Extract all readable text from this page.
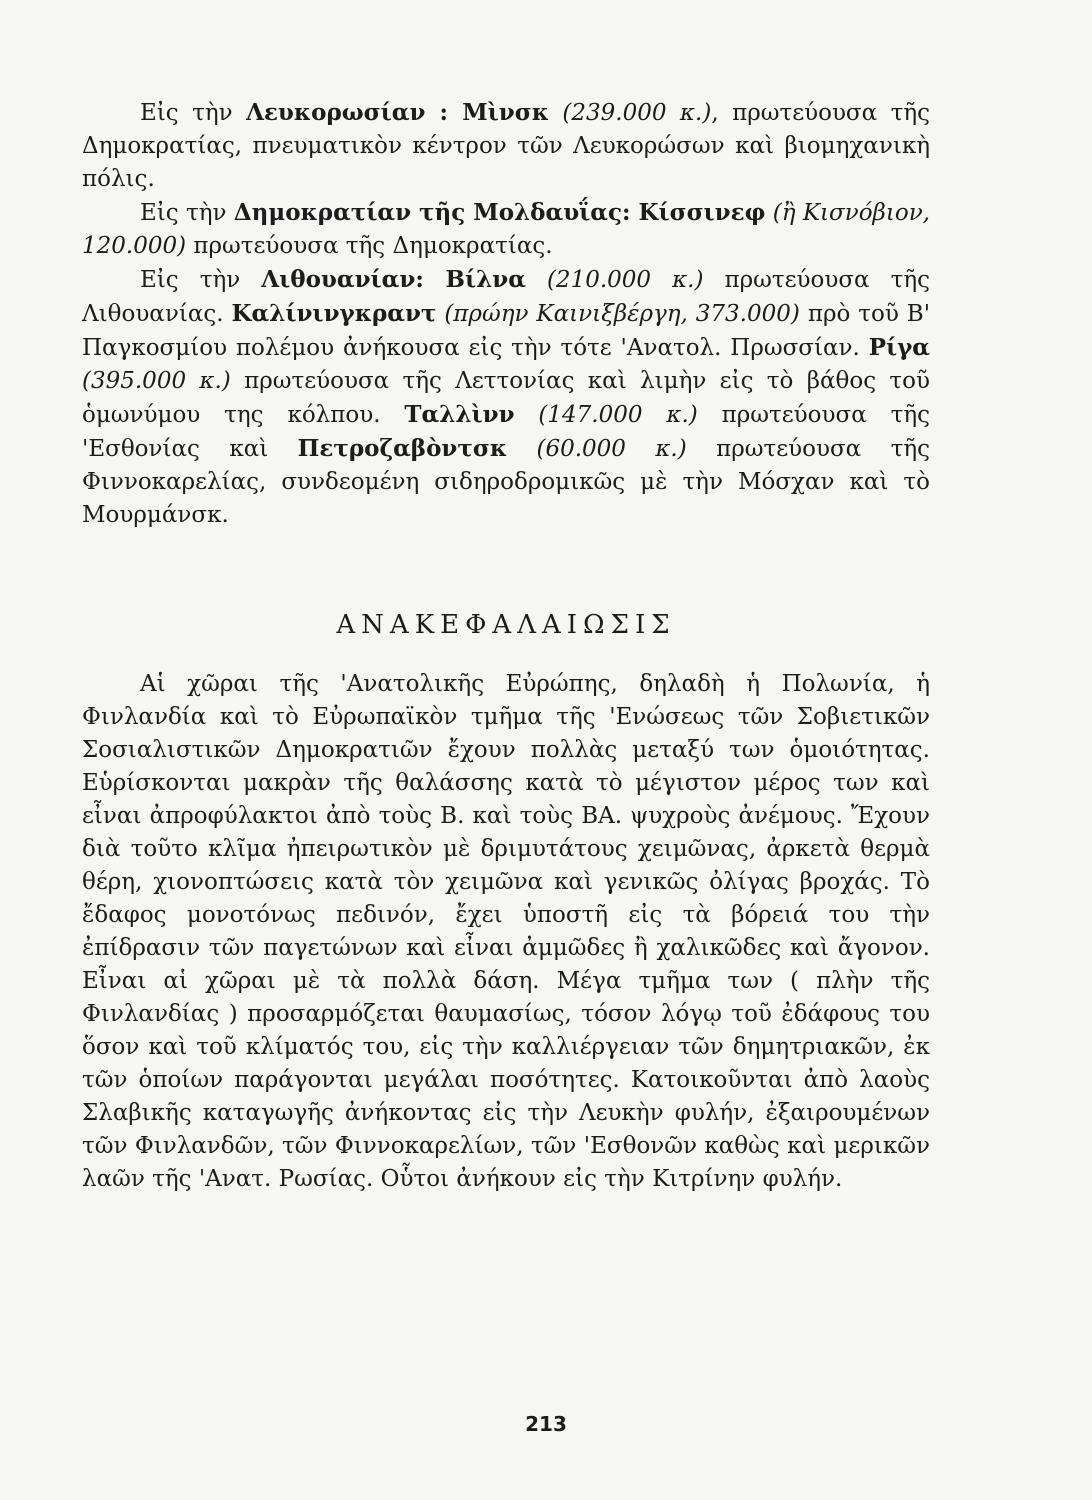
Εἰς τὴν Λευκορωσίαν : Μὶνσκ (239.000 κ.), πρωτεύουσα τῆς Δημοκρατίας, πνευματικὸν κέντρον τῶν Λευκορώσων καὶ βιομηχανικὴ πόλις.

Εἰς τὴν Δημοκρατίαν τῆς Μολδαυΐας: Κίσσινεφ (ἢ Κισνόβιον, 120.000) πρωτεύουσα τῆς Δημοκρατίας.

Εἰς τὴν Λιθουανίαν: Βίλνα (210.000 κ.) πρωτεύουσα τῆς Λιθουανίας. Καλίνινγκραντ (πρώην Καινιξβέργη, 373.000) πρὸ τοῦ Β' Παγκοσμίου πολέμου ἀνήκουσα εἰς τὴν τότε 'Ανατολ. Πρωσσίαν. Ρίγα (395.000 κ.) πρωτεύουσα τῆς Λεττονίας καὶ λιμὴν εἰς τὸ βάθος τοῦ ὁμωνύμου της κόλπου. Ταλλὶνν (147.000 κ.) πρωτεύουσα τῆς 'Εσθονίας καὶ Πετροζαβὸντσκ (60.000 κ.) πρωτεύουσα τῆς Φιννοκαρελίας, συνδεομένη σιδηροδρομικῶς μὲ τὴν Μόσχαν καὶ τὸ Μουρμάνσκ.

ΑΝΑΚΕΦΑΛΑΙΩΣΙΣ

Αἱ χῶραι τῆς 'Ανατολικῆς Εὐρώπης, δηλαδὴ ἡ Πολωνία, ἡ Φινλανδία καὶ τὸ Εὐρωπαϊκὸν τμῆμα τῆς 'Ενώσεως τῶν Σοβιετικῶν Σοσιαλιστικῶν Δημοκρατιῶν ἔχουν πολλὰς μεταξύ των ὁμοιότητας. Εὑρίσκονται μακρὰν τῆς θαλάσσης κατὰ τὸ μέγιστον μέρος των καὶ εἶναι ἀπροφύλακτοι ἀπὸ τοὺς Β. καὶ τοὺς ΒΑ. ψυχροὺς ἀνέμους. Ἔχουν διὰ τοῦτο κλῖμα ἠπειρωτικὸν μὲ δριμυτάτους χειμῶνας, ἀρκετὰ θερμὰ θέρη, χιονοπτώσεις κατὰ τὸν χειμῶνα καὶ γενικῶς ὀλίγας βροχάς. Τὸ ἔδαφος μονοτόνως πεδινόν, ἔχει ὑποστῆ εἰς τὰ βόρειά του τὴν ἐπίδρασιν τῶν παγετώνων καὶ εἶναι ἀμμῶδες ἢ χαλικῶδες καὶ ἄγονον. Εἶναι αἱ χῶραι μὲ τὰ πολλὰ δάση. Μέγα τμῆμα των ( πλὴν τῆς Φινλανδίας ) προσαρμόζεται θαυμασίως, τόσον λόγῳ τοῦ ἐδάφους του ὅσον καὶ τοῦ κλίματός του, εἰς τὴν καλλιέργειαν τῶν δημητριακῶν, ἐκ τῶν ὁποίων παράγονται μεγάλαι ποσότητες. Κατοικοῦνται ἀπὸ λαοὺς Σλαβικῆς καταγωγῆς ἀνήκοντας εἰς τὴν Λευκὴν φυλήν, ἐξαιρουμένων τῶν Φινλανδῶν, τῶν Φιννοκαρελίων, τῶν 'Εσθονῶν καθὼς καὶ μερικῶν λαῶν τῆς 'Ανατ. Ρωσίας. Οὗτοι ἀνήκουν εἰς τὴν Κιτρίνην φυλήν.

213
